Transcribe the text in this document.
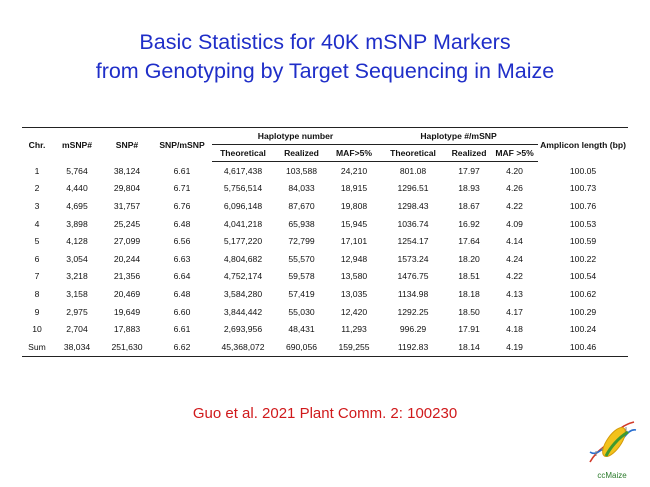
Basic Statistics for 40K mSNP Markers
from Genotyping by Target Sequencing in Maize
Chr.	mSNP#	SNP#	SNP/mSNP	Haplotype number			Haplotype #/mSNP			Amplicon length (bp)
				Theoretical	Realized	MAF>5%	Theoretical	Realized	MAF >5%	
1	5,764	38,124	6.61	4,617,438	103,588	24,210	801.08	17.97	4.20	100.05
2	4,440	29,804	6.71	5,756,514	84,033	18,915	1296.51	18.93	4.26	100.73
3	4,695	31,757	6.76	6,096,148	87,670	19,808	1298.43	18.67	4.22	100.76
4	3,898	25,245	6.48	4,041,218	65,938	15,945	1036.74	16.92	4.09	100.53
5	4,128	27,099	6.56	5,177,220	72,799	17,101	1254.17	17.64	4.14	100.59
6	3,054	20,244	6.63	4,804,682	55,570	12,948	1573.24	18.20	4.24	100.22
7	3,218	21,356	6.64	4,752,174	59,578	13,580	1476.75	18.51	4.22	100.54
8	3,158	20,469	6.48	3,584,280	57,419	13,035	1134.98	18.18	4.13	100.62
9	2,975	19,649	6.60	3,844,442	55,030	12,420	1292.25	18.50	4.17	100.29
10	2,704	17,883	6.61	2,693,956	48,431	11,293	996.29	17.91	4.18	100.24
Sum	38,034	251,630	6.62	45,368,072	690,056	159,255	1192.83	18.14	4.19	100.46
Guo et al. 2021 Plant Comm. 2: 100230
ccMaize
